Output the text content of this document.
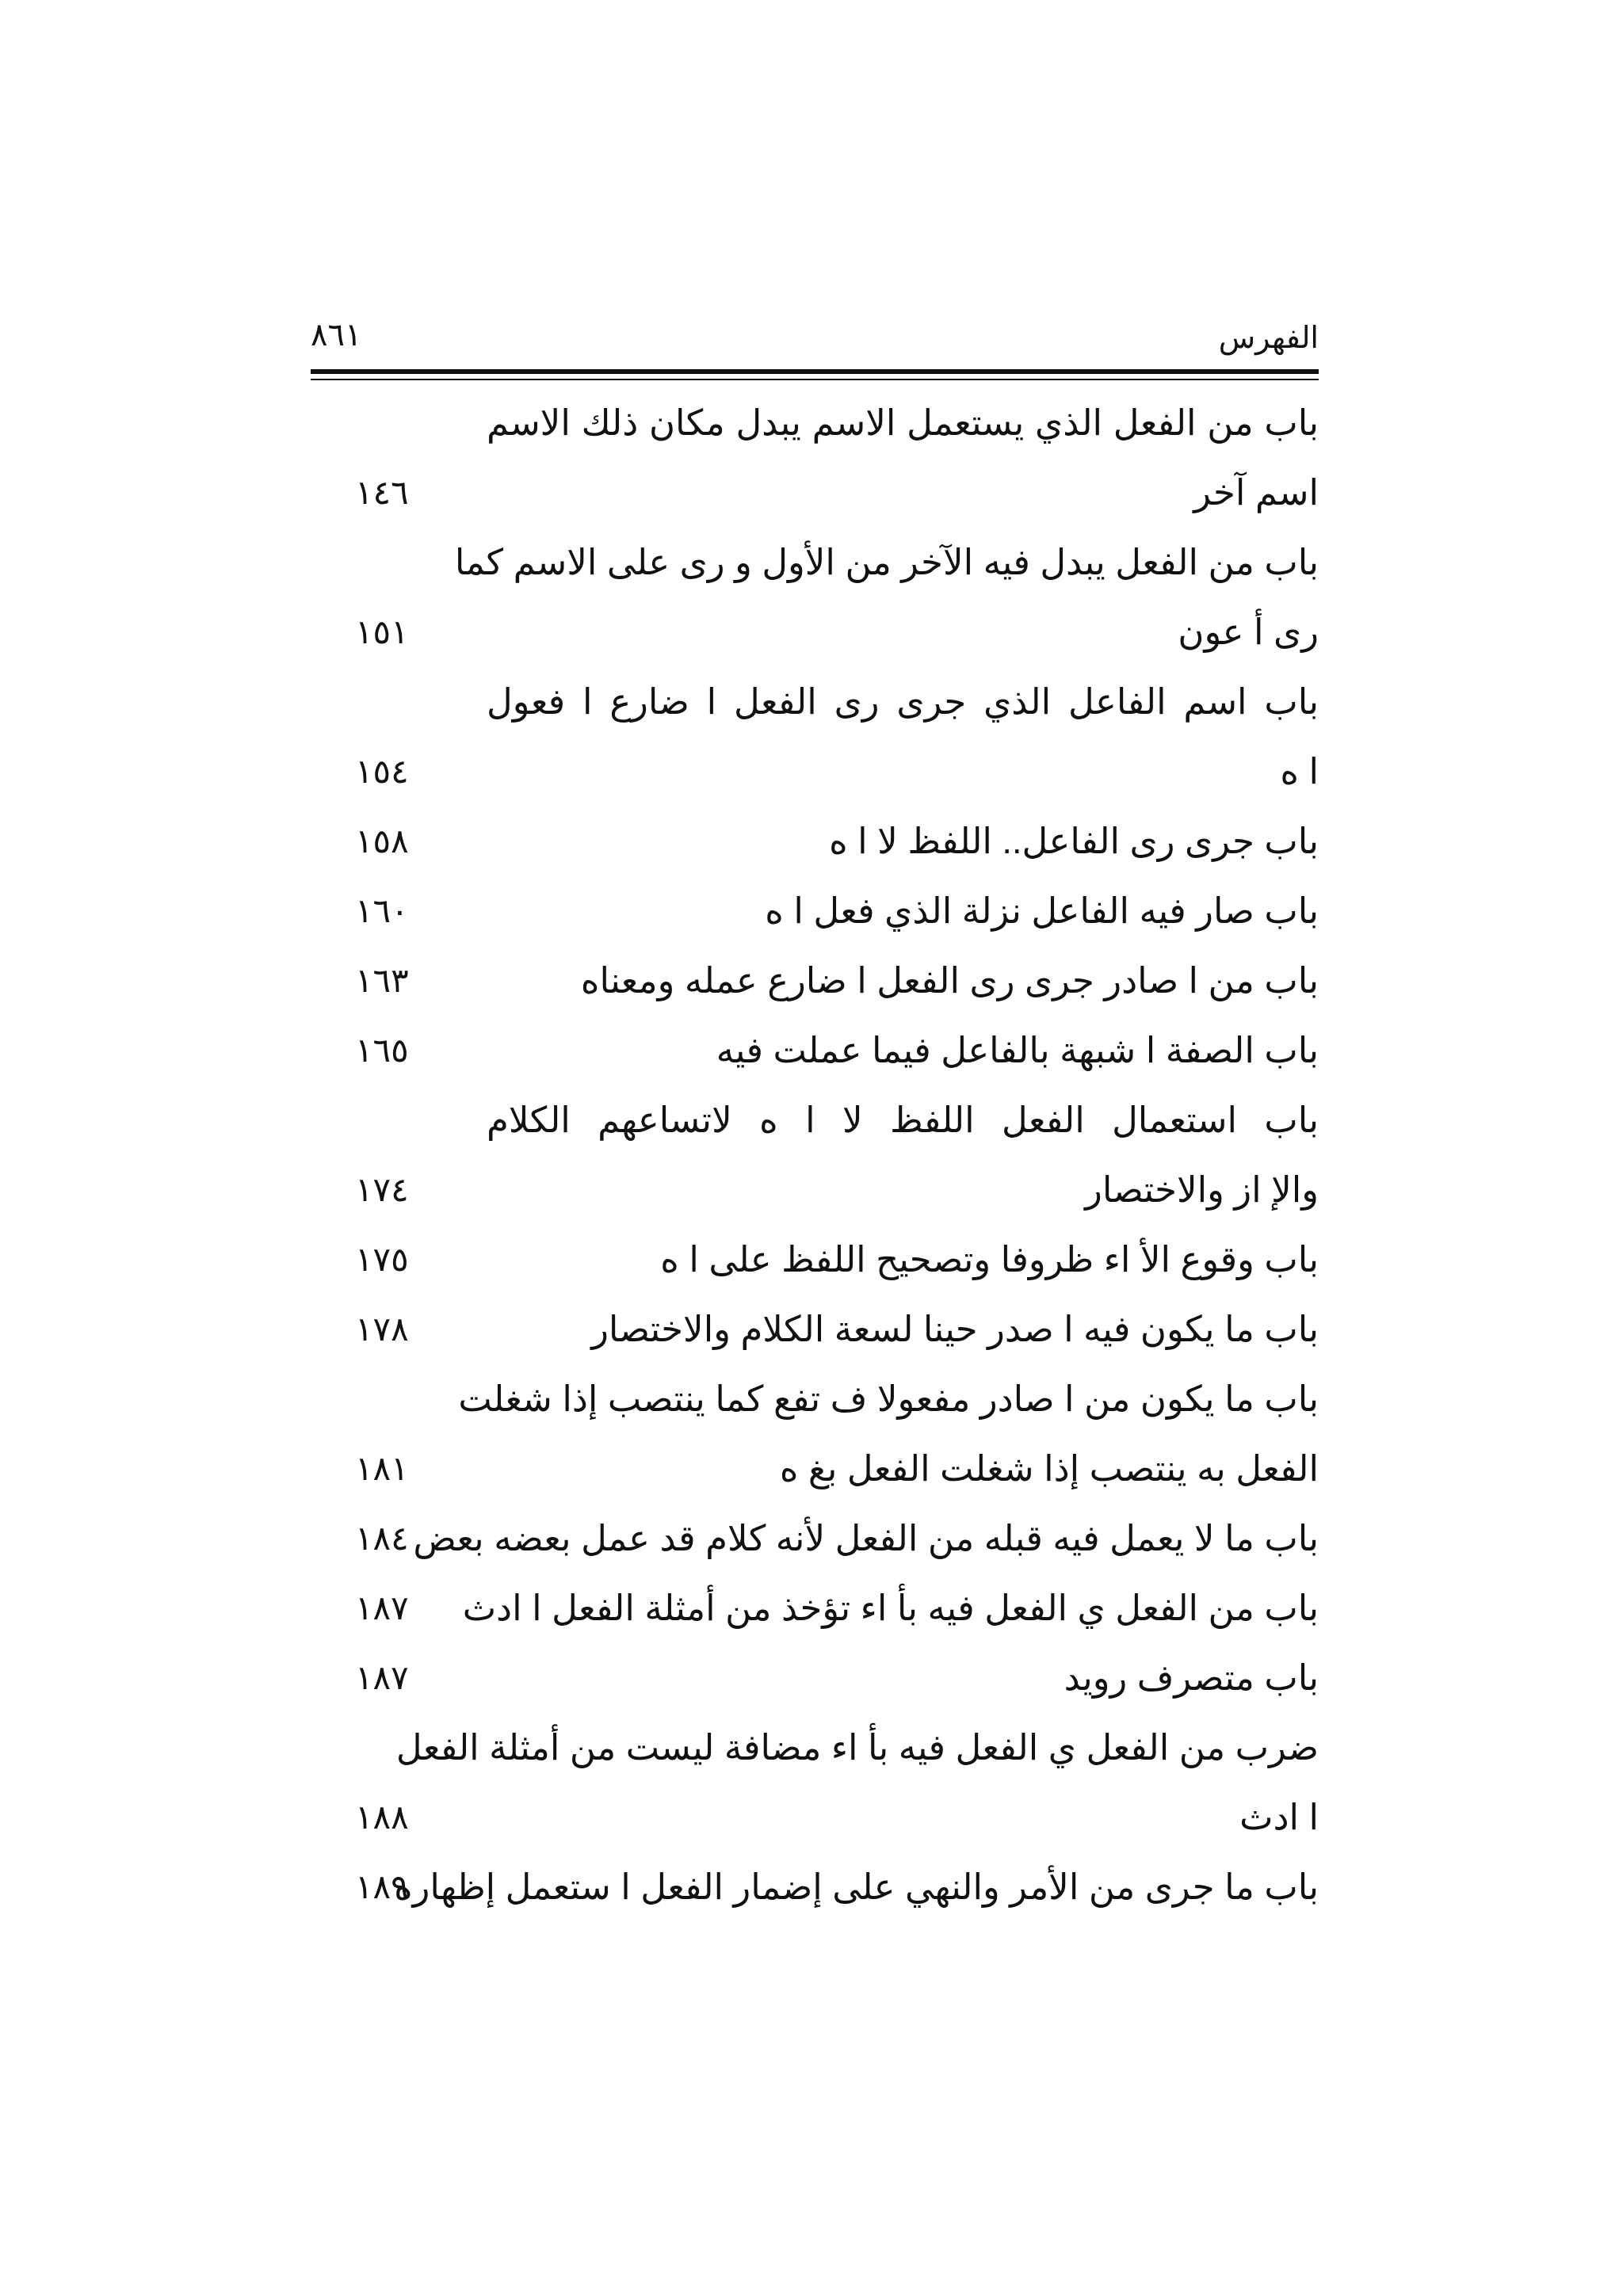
الفهرس
٨٦١
باب من الفعل الذي يستعمل الاسم يبدل مكان ذلك الاسم
اسم آخر
١٤٦
باب من الفعل يبدل فيه الآخر من الأول و رى على الاسم كما
رى أ عون
١٥١
باب اسم الفاعل الذي جرى رى الفعل ا ضارع ا فعول
ا ه
١٥٤
باب جرى رى الفاعل.. اللفظ لا ا ه
١٥٨
باب صار فيه الفاعل نزلة الذي فعل ا ه
١٦٠
باب من ا صادر جرى رى الفعل ا ضارع عمله ومعناه
١٦٣
باب الصفة ا شبهة بالفاعل فيما عملت فيه
١٦٥
باب استعمال الفعل اللفظ لا ا ه لاتساعهم الكلام
والإ از والاختصار
١٧٤
باب وقوع الأ اء ظروفا وتصحيح اللفظ على ا ه
١٧٥
باب ما يكون فيه ا صدر حينا لسعة الكلام والاختصار
١٧٨
باب ما يكون من ا صادر مفعولا ف تفع كما ينتصب إذا شغلت
الفعل به ينتصب إذا شغلت الفعل بغ ه
١٨١
باب ما لا يعمل فيه قبله من الفعل لأنه كلام قد عمل بعضه بعض
١٨٤
باب من الفعل ي الفعل فيه بأ اء تؤخذ من أمثلة الفعل ا ادث
١٨٧
باب متصرف رويد
١٨٧
ضرب من الفعل ي الفعل فيه بأ اء مضافة ليست من أمثلة الفعل
ا ادث
١٨٨
باب ما جرى من الأمر والنهي على إضمار الفعل ا ستعمل إظهاره
١٨٩
